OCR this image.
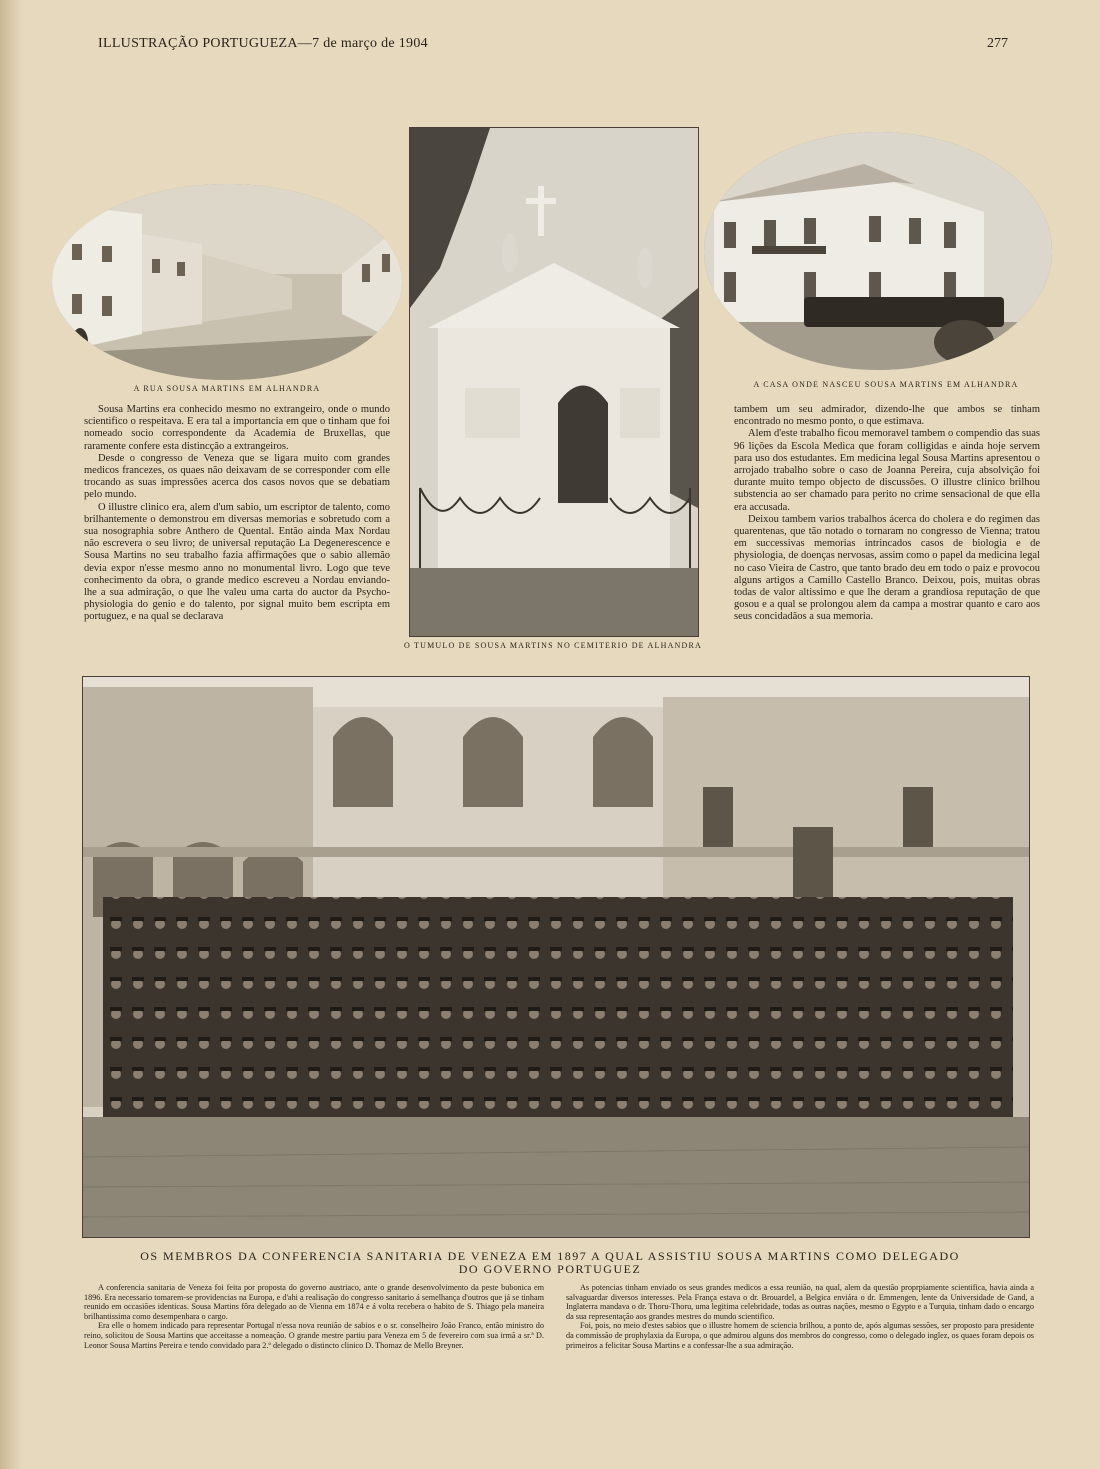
ILLUSTRAÇÃO PORTUGUEZA—7 de março de 1904	277
A RUA SOUSA MARTINS EM ALHANDRA
O TUMULO DE SOUSA MARTINS NO CEMITERIO DE ALHANDRA
A CASA ONDE NASCEU SOUSA MARTINS EM ALHANDRA

Sousa Martins era conhecido mesmo no extrangeiro, onde o mundo scientifico o respeitava. E era tal a importancia em que o tinham que foi nomeado socio correspondente da Academia de Bruxellas, que raramente confere esta distincção a extrangeiros.

Desde o congresso de Veneza que se ligara muito com grandes medicos francezes, os quaes não deixavam de se corresponder com elle trocando as suas impressões acerca dos casos novos que se debatiam pelo mundo.

O illustre clinico era, alem d'um sabio, um escriptor de talento, como brilhantemente o demonstrou em diversas memorias e sobretudo com a sua nosographia sobre Anthero de Quental. Então ainda Max Nordau não escrevera o seu livro; de universal reputação La Degenerescence e Sousa Martins no seu trabalho fazia affirmações que o sabio allemão devia expor n'esse mesmo anno no monumental livro. Logo que teve conhecimento da obra, o grande medico escreveu a Nordau enviando-lhe a sua admiração, o que lhe valeu uma carta do auctor da Psycho-physiologia do genio e do talento, por signal muito bem escripta em portuguez, e na qual se declarava

tambem um seu admirador, dizendo-lhe que ambos se tinham encontrado no mesmo ponto, o que estimava.

Alem d'este trabalho ficou memoravel tambem o compendio das suas 96 lições da Escola Medica que foram colligidas e ainda hoje servem para uso dos estudantes. Em medicina legal Sousa Martins apresentou o arrojado trabalho sobre o caso de Joanna Pereira, cuja absolvição foi durante muito tempo objecto de discussões. O illustre clinico brilhou substencia ao ser chamado para perito no crime sensacional de que ella era accusada.

Deixou tambem varios trabalhos ácerca do cholera e do regimen das quarentenas, que tão notado o tornaram no congresso de Vienna; tratou em successivas memorias intrincados casos de biologia e de physiologia, de doenças nervosas, assim como o papel da medicina legal no caso Vieira de Castro, que tanto brado deu em todo o paiz e provocou alguns artigos a Camillo Castello Branco. Deixou, pois, muitas obras todas de valor altissimo e que lhe deram a grandiosa reputação de que gosou e a qual se prolongou alem da campa a mostrar quanto e caro aos seus concidadãos a sua memoria.

OS MEMBROS DA CONFERENCIA SANITARIA DE VENEZA EM 1897 A QUAL ASSISTIU SOUSA MARTINS COMO DELEGADO
DO GOVERNO PORTUGUEZ

A conferencia sanitaria de Veneza foi feita por proposta do governo austriaco, ante o grande desenvolvimento da peste bubonica em 1896. Era necessario tomarem-se providencias na Europa, e d'ahi a realisação do congresso sanitario á semelhança d'outros que já se tinham reunido em occasiões identicas. Sousa Martins fôra delegado ao de Vienna em 1874 e á volta recebera o habito de S. Thiago pela maneira brilhantissima como desempenhara o cargo.

Era elle o homem indicado para representar Portugal n'essa nova reunião de sabios e o sr. conselheiro João Franco, então ministro do reino, solicitou de Sousa Martins que acceitasse a nomeação. O grande mestre partiu para Veneza em 5 de fevereiro com sua irmã a sr.ª D. Leonor Sousa Martins Pereira e tendo convidado para 2.º delegado o distincto clinico D. Thomaz de Mello Breyner.

As potencias tinham enviado os seus grandes medicos a essa reunião, na qual, alem da questão proprpiamente scientifica, havia ainda a salvaguardar diversos interesses. Pela França estava o dr. Brouardel, a Belgica enviára o dr. Emmengen, lente da Universidade de Gand, a Inglaterra mandava o dr. Thoru-Thoru, uma legitima celebridade, todas as outras nações, mesmo o Egypto e a Turquia, tinham dado o encargo da sua representação aos grandes mestres do mundo scientifico.

Foi, pois, no meio d'estes sabios que o illustre homem de sciencia brilhou, a ponto de, após algumas sessões, ser proposto para presidente da commissão de prophylaxia da Europa, o que admirou alguns dos membros do congresso, como o delegado inglez, os quaes foram depois os primeiros a felicitar Sousa Martins e a confessar-lhe a sua admiração.
